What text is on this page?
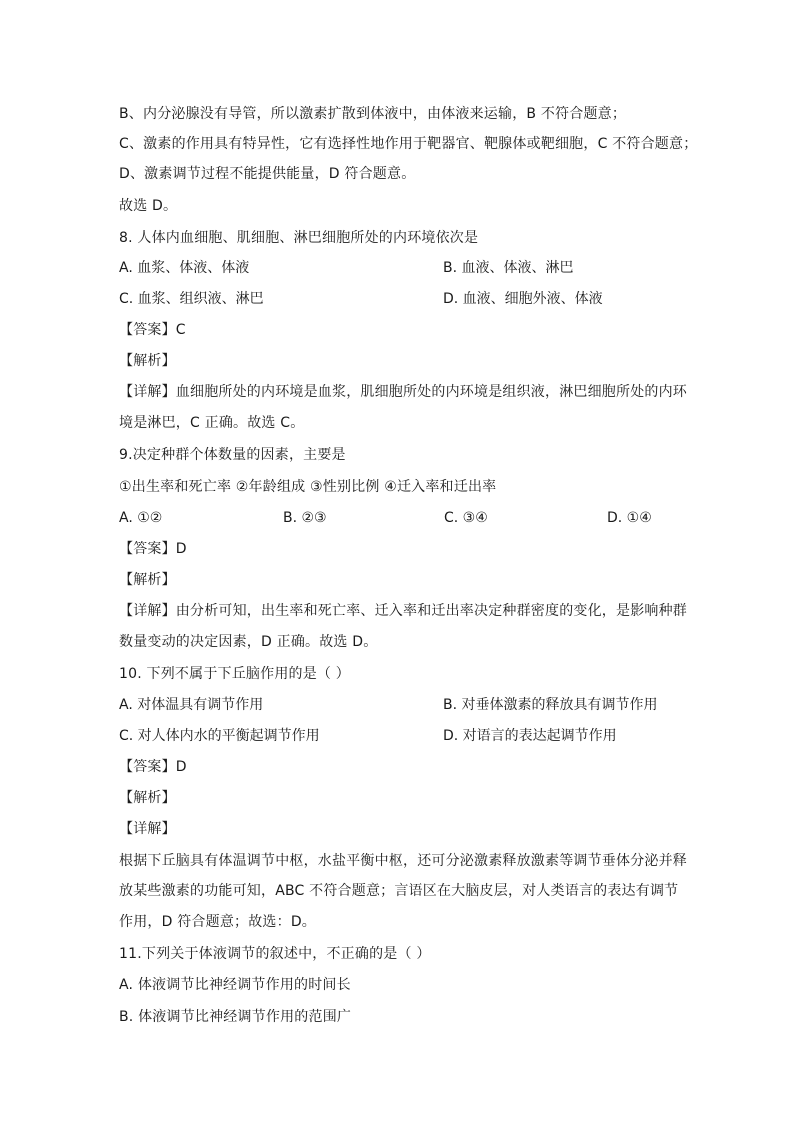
B、内分泌腺没有导管，所以激素扩散到体液中，由体液来运输，B 不符合题意；
C、激素的作用具有特异性，它有选择性地作用于靶器官、靶腺体或靶细胞，C 不符合题意；
D、激素调节过程不能提供能量，D 符合题意。
故选 D。
8. 人体内血细胞、肌细胞、淋巴细胞所处的内环境依次是
A. 血浆、体液、体液	B. 血液、体液、淋巴
C. 血浆、组织液、淋巴	D. 血液、细胞外液、体液
【答案】C
【解析】
【详解】血细胞所处的内环境是血浆，肌细胞所处的内环境是组织液，淋巴细胞所处的内环
境是淋巴，C 正确。故选 C。
9.决定种群个体数量的因素，主要是
①出生率和死亡率 ②年龄组成 ③性别比例 ④迁入率和迁出率
A. ①②	B. ②③	C. ③④	D. ①④
【答案】D
【解析】
【详解】由分析可知，出生率和死亡率、迁入率和迁出率决定种群密度的变化，是影响种群
数量变动的决定因素，D 正确。故选 D。
10. 下列不属于下丘脑作用的是（ ）
A. 对体温具有调节作用	B. 对垂体激素的释放具有调节作用
C. 对人体内水的平衡起调节作用	D. 对语言的表达起调节作用
【答案】D
【解析】
【详解】
根据下丘脑具有体温调节中枢，水盐平衡中枢，还可分泌激素释放激素等调节垂体分泌并释
放某些激素的功能可知，ABC 不符合题意；言语区在大脑皮层，对人类语言的表达有调节
作用，D 符合题意；故选：D。
11.下列关于体液调节的叙述中，不正确的是（ ）
A. 体液调节比神经调节作用的时间长
B. 体液调节比神经调节作用的范围广
